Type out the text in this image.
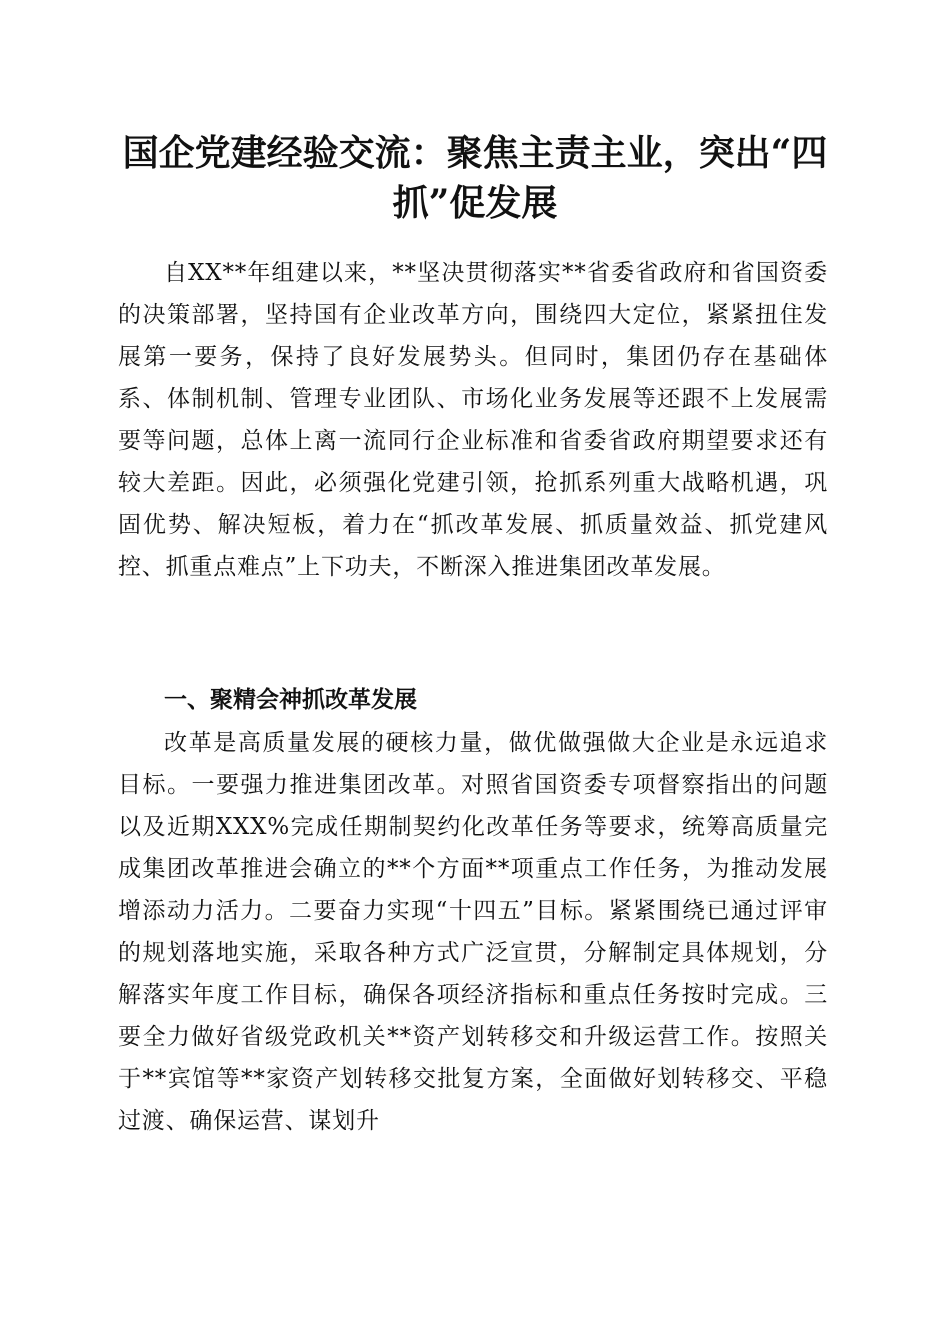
国企党建经验交流：聚焦主责主业，突出“四抓”促发展

自XX**年组建以来，**坚决贯彻落实**省委省政府和省国资委的决策部署，坚持国有企业改革方向，围绕四大定位，紧紧扭住发展第一要务，保持了良好发展势头。但同时，集团仍存在基础体系、体制机制、管理专业团队、市场化业务发展等还跟不上发展需要等问题，总体上离一流同行企业标准和省委省政府期望要求还有较大差距。因此，必须强化党建引领，抢抓系列重大战略机遇，巩固优势、解决短板，着力在“抓改革发展、抓质量效益、抓党建风控、抓重点难点”上下功夫，不断深入推进集团改革发展。

一、聚精会神抓改革发展

改革是高质量发展的硬核力量，做优做强做大企业是永远追求目标。一要强力推进集团改革。对照省国资委专项督察指出的问题以及近期XXX%完成任期制契约化改革任务等要求，统筹高质量完成集团改革推进会确立的**个方面**项重点工作任务，为推动发展增添动力活力。二要奋力实现“十四五”目标。紧紧围绕已通过评审的规划落地实施，采取各种方式广泛宣贯，分解制定具体规划，分解落实年度工作目标，确保各项经济指标和重点任务按时完成。三要全力做好省级党政机关**资产划转移交和升级运营工作。按照关于**宾馆等**家资产划转移交批复方案，全面做好划转移交、平稳过渡、确保运营、谋划升
